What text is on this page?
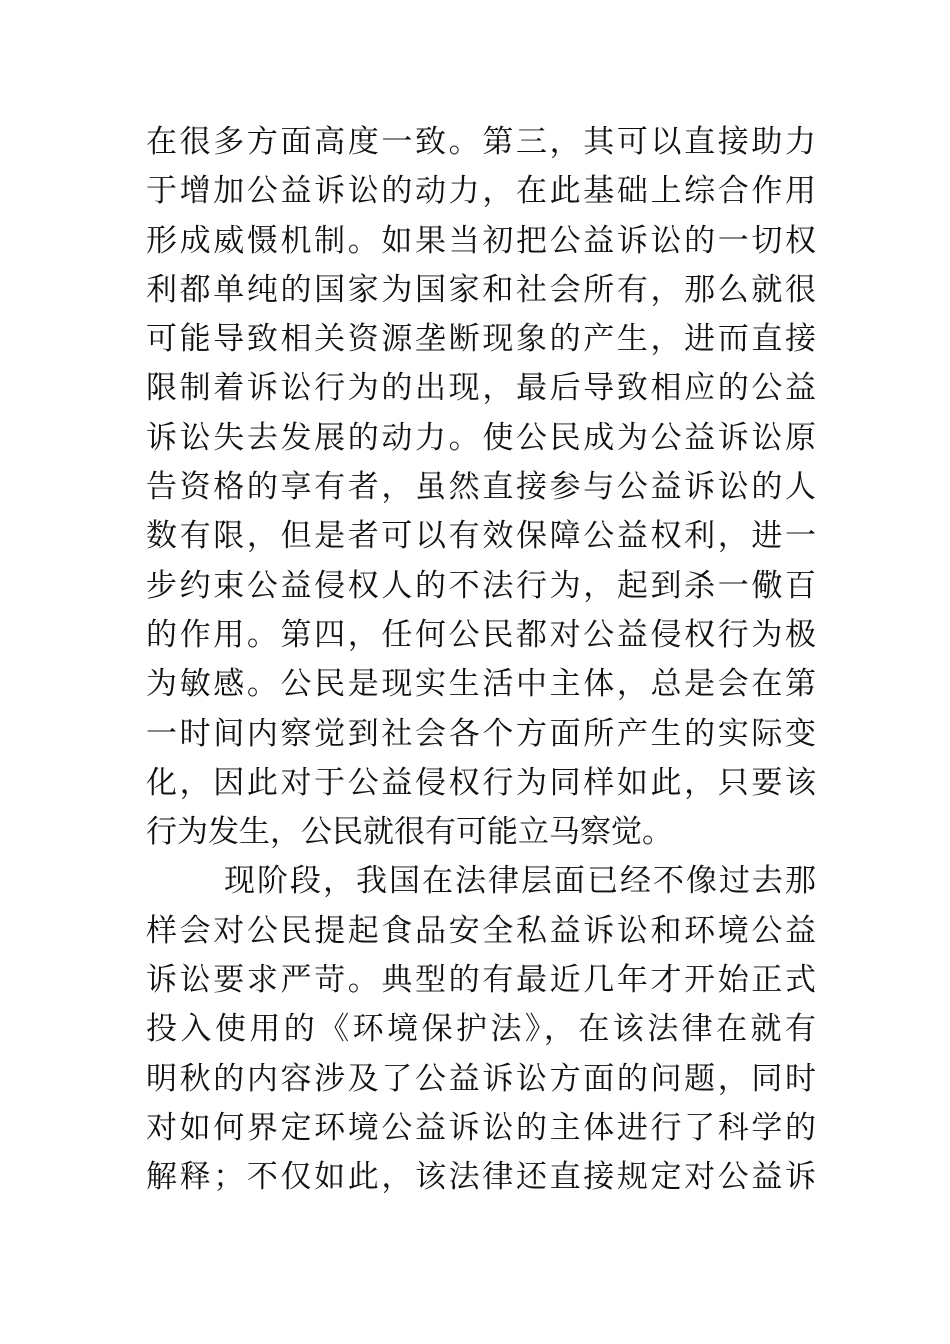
在很多方面高度一致。第三，其可以直接助力
于增加公益诉讼的动力，在此基础上综合作用
形成威慑机制。如果当初把公益诉讼的一切权
利都单纯的国家为国家和社会所有，那么就很
可能导致相关资源垄断现象的产生，进而直接
限制着诉讼行为的出现，最后导致相应的公益
诉讼失去发展的动力。使公民成为公益诉讼原
告资格的享有者，虽然直接参与公益诉讼的人
数有限，但是者可以有效保障公益权利，进一
步约束公益侵权人的不法行为，起到杀一儆百
的作用。第四，任何公民都对公益侵权行为极
为敏感。公民是现实生活中主体，总是会在第
一时间内察觉到社会各个方面所产生的实际变
化，因此对于公益侵权行为同样如此，只要该
行为发生，公民就很有可能立马察觉。
现阶段，我国在法律层面已经不像过去那
样会对公民提起食品安全私益诉讼和环境公益
诉讼要求严苛。典型的有最近几年才开始正式
投入使用的《环境保护法》，在该法律在就有
明秋的内容涉及了公益诉讼方面的问题，同时
对如何界定环境公益诉讼的主体进行了科学的
解释；不仅如此，该法律还直接规定对公益诉
